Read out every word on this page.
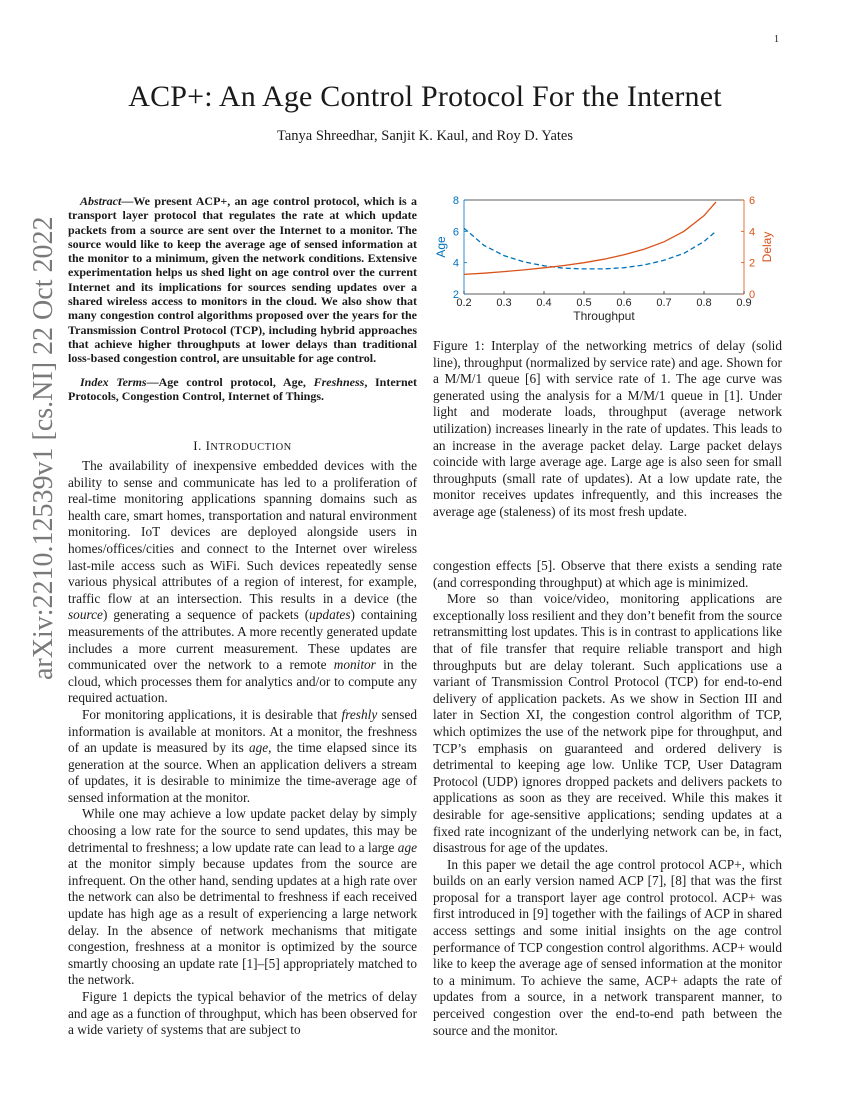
1
ACP+: An Age Control Protocol For the Internet
Tanya Shreedhar, Sanjit K. Kaul, and Roy D. Yates
arXiv:2210.12539v1 [cs.NI] 22 Oct 2022

Abstract—We present ACP+, an age control protocol, which is a transport layer protocol that regulates the rate at which update packets from a source are sent over the Internet to a monitor. The source would like to keep the average age of sensed information at the monitor to a minimum, given the network conditions. Extensive experimentation helps us shed light on age control over the current Internet and its implications for sources sending updates over a shared wireless access to monitors in the cloud. We also show that many congestion control algorithms proposed over the years for the Transmission Control Protocol (TCP), including hybrid approaches that achieve higher throughputs at lower delays than traditional loss-based congestion control, are unsuitable for age control.

Index Terms—Age control protocol, Age, Freshness, Internet Protocols, Congestion Control, Internet of Things.

I. INTRODUCTION

The availability of inexpensive embedded devices with the ability to sense and communicate has led to a proliferation of real-time monitoring applications spanning domains such as health care, smart homes, transportation and natural environment monitoring. IoT devices are deployed alongside users in homes/offices/cities and connect to the Internet over wireless last-mile access such as WiFi. Such devices repeatedly sense various physical attributes of a region of interest, for example, traffic flow at an intersection. This results in a device (the source) generating a sequence of packets (updates) containing measurements of the attributes. A more recently generated update includes a more current measurement. These updates are communicated over the network to a remote monitor in the cloud, which processes them for analytics and/or to compute any required actuation.

For monitoring applications, it is desirable that freshly sensed information is available at monitors. At a monitor, the freshness of an update is measured by its age, the time elapsed since its generation at the source. When an application delivers a stream of updates, it is desirable to minimize the time-average age of sensed information at the monitor.

While one may achieve a low update packet delay by simply choosing a low rate for the source to send updates, this may be detrimental to freshness; a low update rate can lead to a large age at the monitor simply because updates from the source are infrequent. On the other hand, sending updates at a high rate over the network can also be detrimental to freshness if each received update has high age as a result of experiencing a large network delay. In the absence of network mechanisms that mitigate congestion, freshness at a monitor is optimized by the source smartly choosing an update rate [1]–[5] appropriately matched to the network.

Figure 1 depicts the typical behavior of the metrics of delay and age as a function of throughput, which has been observed for a wide variety of systems that are subject to

0.2 0.3 0.4 0.5 0.6 0.7 0.8 0.9
2
4
6
8
0
2
4
6
Throughput
Age	Delay

Figure 1: Interplay of the networking metrics of delay (solid line), throughput (normalized by service rate) and age. Shown for a M/M/1 queue [6] with service rate of 1. The age curve was generated using the analysis for a M/M/1 queue in [1]. Under light and moderate loads, throughput (average network utilization) increases linearly in the rate of updates. This leads to an increase in the average packet delay. Large packet delays coincide with large average age. Large age is also seen for small throughputs (small rate of updates). At a low update rate, the monitor receives updates infrequently, and this increases the average age (staleness) of its most fresh update.

congestion effects [5]. Observe that there exists a sending rate (and corresponding throughput) at which age is minimized.

More so than voice/video, monitoring applications are exceptionally loss resilient and they don’t benefit from the source retransmitting lost updates. This is in contrast to applications like that of file transfer that require reliable transport and high throughputs but are delay tolerant. Such applications use a variant of Transmission Control Protocol (TCP) for end-to-end delivery of application packets. As we show in Section III and later in Section XI, the congestion control algorithm of TCP, which optimizes the use of the network pipe for throughput, and TCP’s emphasis on guaranteed and ordered delivery is detrimental to keeping age low. Unlike TCP, User Datagram Protocol (UDP) ignores dropped packets and delivers packets to applications as soon as they are received. While this makes it desirable for age-sensitive applications; sending updates at a fixed rate incognizant of the underlying network can be, in fact, disastrous for age of the updates.

In this paper we detail the age control protocol ACP+, which builds on an early version named ACP [7], [8] that was the first proposal for a transport layer age control protocol. ACP+ was first introduced in [9] together with the failings of ACP in shared access settings and some initial insights on the age control performance of TCP congestion control algorithms. ACP+ would like to keep the average age of sensed information at the monitor to a minimum. To achieve the same, ACP+ adapts the rate of updates from a source, in a network transparent manner, to perceived congestion over the end-to-end path between the source and the monitor.
